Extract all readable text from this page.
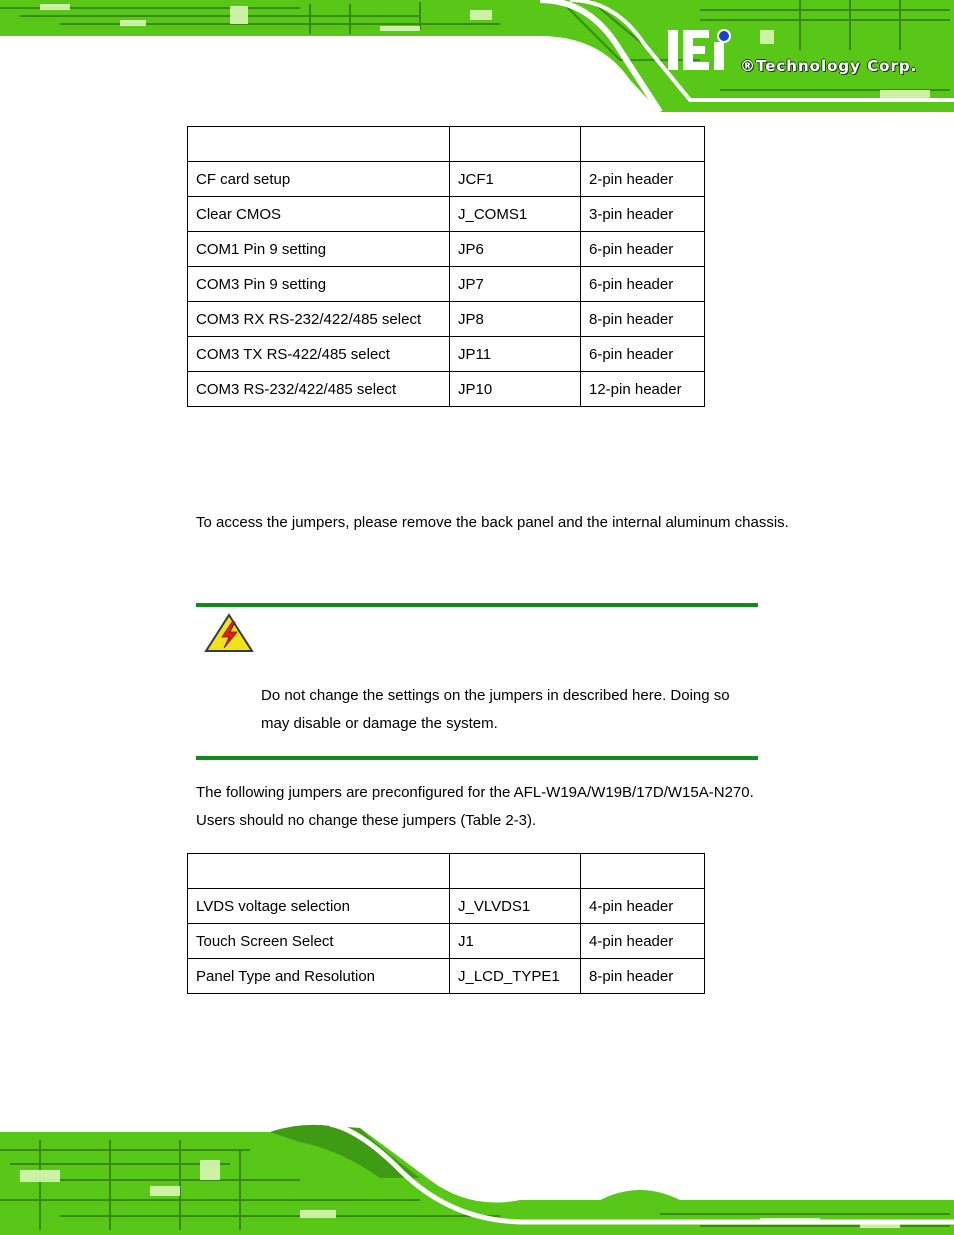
®Technology Corp.

CF card setup	JCF1	2-pin header
Clear CMOS	J_COMS1	3-pin header
COM1 Pin 9 setting	JP6	6-pin header
COM3 Pin 9 setting	JP7	6-pin header
COM3 RX RS-232/422/485 select	JP8	8-pin header
COM3 TX RS-422/485 select	JP11	6-pin header
COM3 RS-232/422/485 select	JP10	12-pin header
To access the jumpers, please remove the back panel and the internal aluminum chassis.
Do not change the settings on the jumpers in described here. Doing so
may disable or damage the system.
The following jumpers are preconfigured for the AFL-W19A/W19B/17D/W15A-N270.
Users should no change these jumpers (Table 2-3).

LVDS voltage selection	J_VLVDS1	4-pin header
Touch Screen Select	J1	4-pin header
Panel Type and Resolution	J_LCD_TYPE1	8-pin header
